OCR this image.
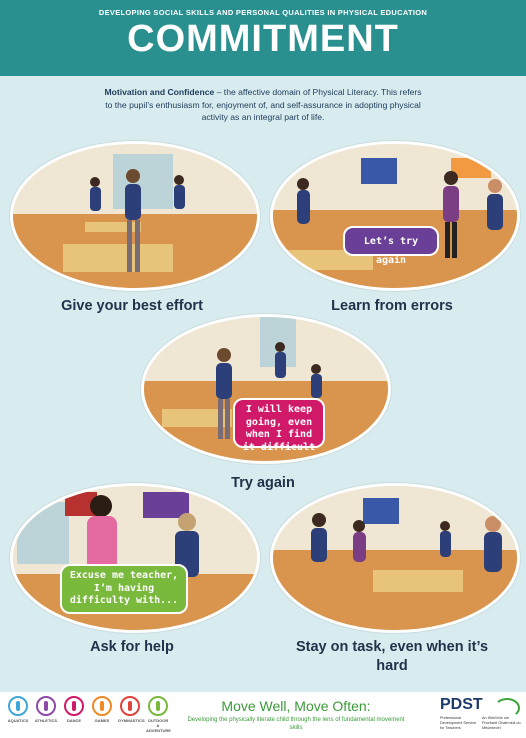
DEVELOPING SOCIAL SKILLS AND PERSONAL QUALITIES IN PHYSICAL EDUCATION
COMMITMENT
Motivation and Confidence – the affective domain of Physical Literacy. This refers to the pupil’s enthusiasm for, enjoyment of, and self-assurance in adopting physical activity as an integral part of life.
Give your best effort
Let’s try again
Learn from errors
I will keep going, even when I find it difficult
Try again
Excuse me teacher, I’m having difficulty with...
Ask for help	Stay on task, even when it’s hard
AQUATICS	ATHLETICS	DANCE	GAMES	GYMNASTICS OUTDOOR & ADVENTURE
Move Well, Move Often:
Developing the physically literate child through the lens of fundamental movement skills
PDST
Professional Development Service for Teachers
An tSeirbhís um Fhorbairt Ghairmiúil do Mhúinteoirí
